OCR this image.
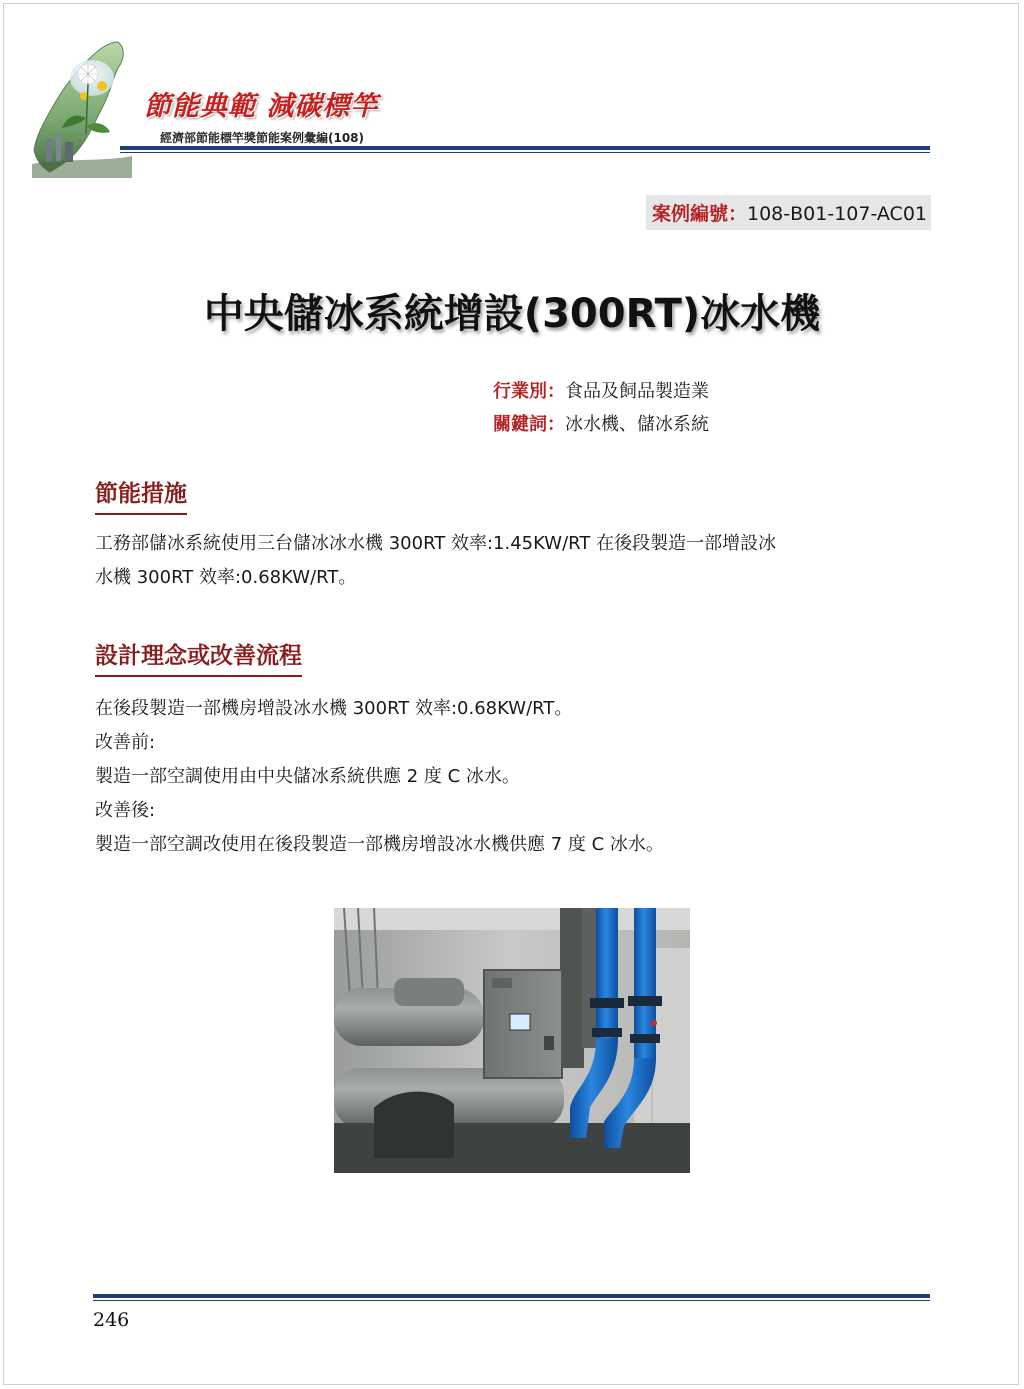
節能典範 減碳標竿
經濟部節能標竿獎節能案例彙編(108)
案例編號：108-B01-107-AC01
中央儲冰系統增設(300RT)冰水機
行業別：食品及飼品製造業
關鍵詞：冰水機、儲冰系統
節能措施
工務部儲冰系統使用三台儲冰冰水機 300RT 效率:1.45KW/RT 在後段製造一部增設冰
水機 300RT 效率:0.68KW/RT。
設計理念或改善流程
在後段製造一部機房增設冰水機 300RT 效率:0.68KW/RT。
改善前:
製造一部空調使用由中央儲冰系統供應 2 度 C 冰水。
改善後:
製造一部空調改使用在後段製造一部機房增設冰水機供應 7 度 C 冰水。
246
